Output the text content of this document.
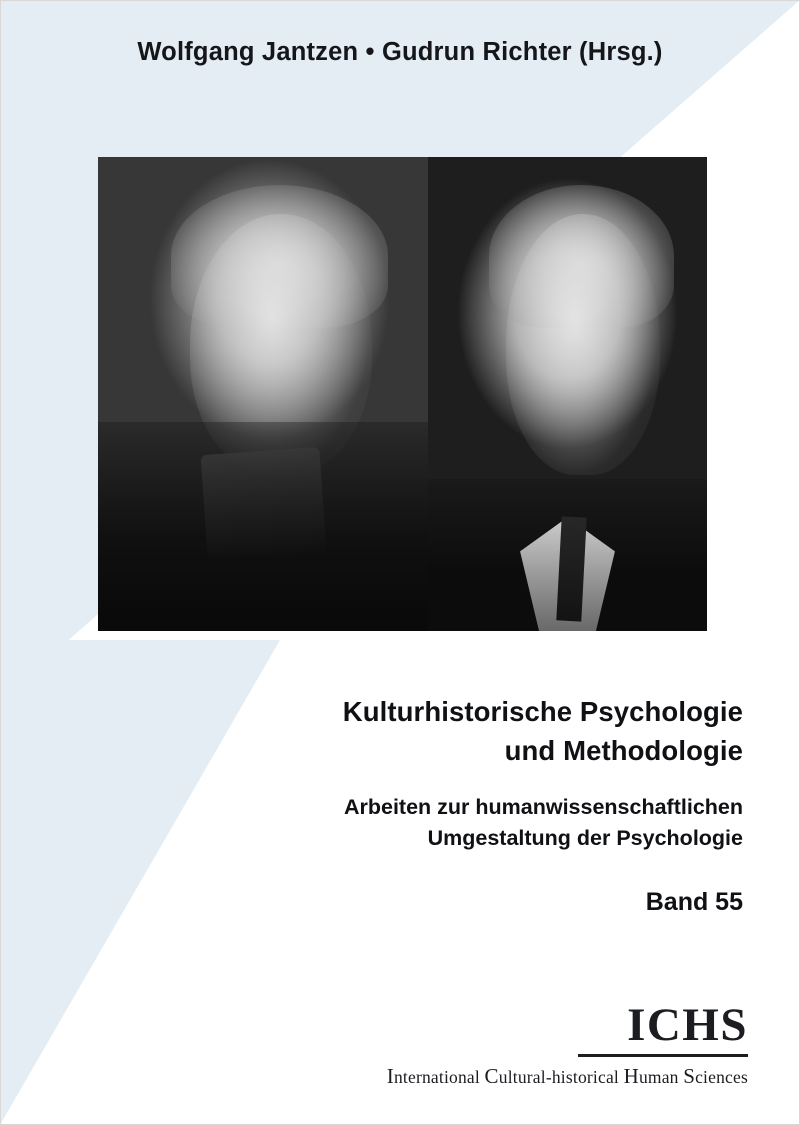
Wolfgang Jantzen • Gudrun Richter (Hrsg.)
Kulturhistorische Psychologie
und Methodologie
Arbeiten zur humanwissenschaftlichen
Umgestaltung der Psychologie
Band 55
ICHS
International Cultural-historical Human Sciences
